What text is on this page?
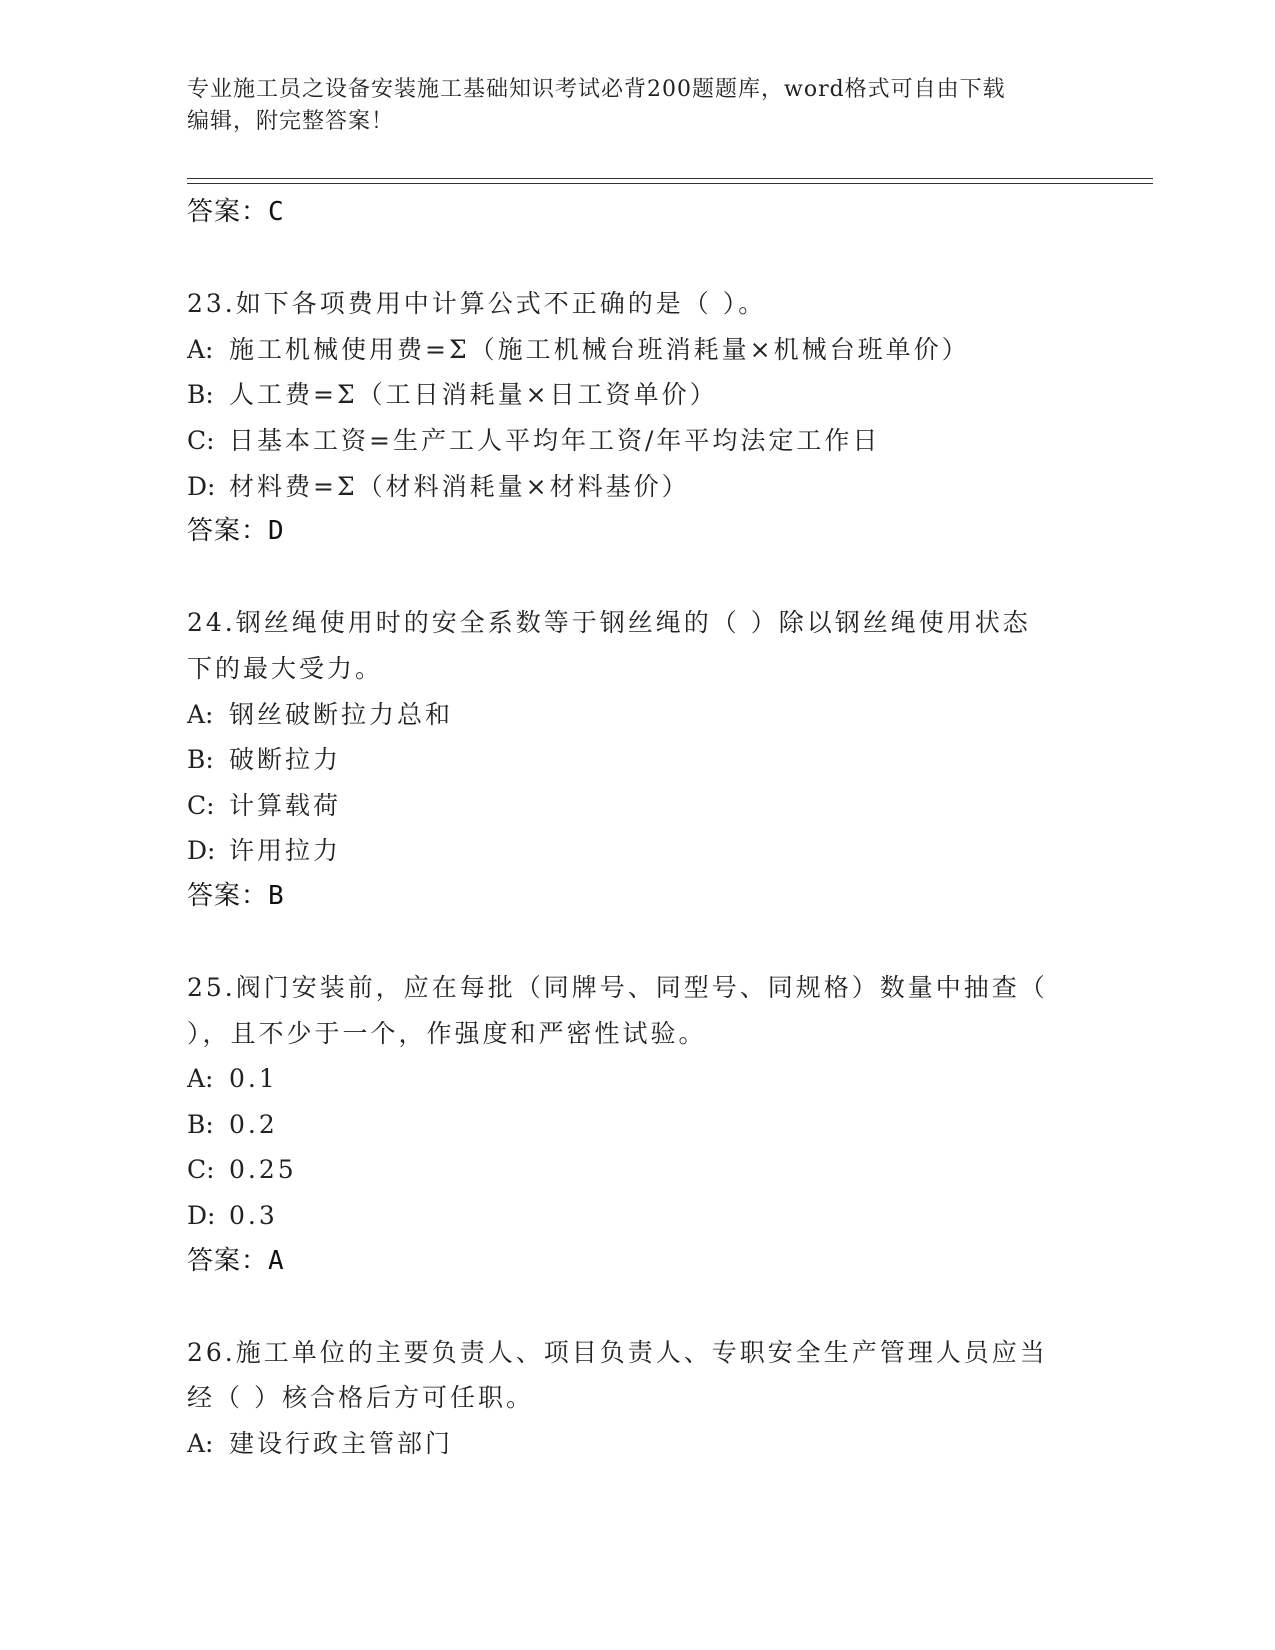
专业施工员之设备安装施工基础知识考试必背200题题库，word格式可自由下载
编辑，附完整答案！
答案：C
23.如下各项费用中计算公式不正确的是（ ）。
A: 施工机械使用费=Σ（施工机械台班消耗量×机械台班单价）
B: 人工费=Σ（工日消耗量×日工资单价）
C: 日基本工资=生产工人平均年工资/年平均法定工作日
D: 材料费=Σ（材料消耗量×材料基价）
答案：D
24.钢丝绳使用时的安全系数等于钢丝绳的（ ）除以钢丝绳使用状态
下的最大受力。
A: 钢丝破断拉力总和
B: 破断拉力
C: 计算载荷
D: 许用拉力
答案：B
25.阀门安装前，应在每批（同牌号、同型号、同规格）数量中抽查（
），且不少于一个，作强度和严密性试验。
A: 0.1
B: 0.2
C: 0.25
D: 0.3
答案：A
26.施工单位的主要负责人、项目负责人、专职安全生产管理人员应当
经（ ）核合格后方可任职。
A: 建设行政主管部门
